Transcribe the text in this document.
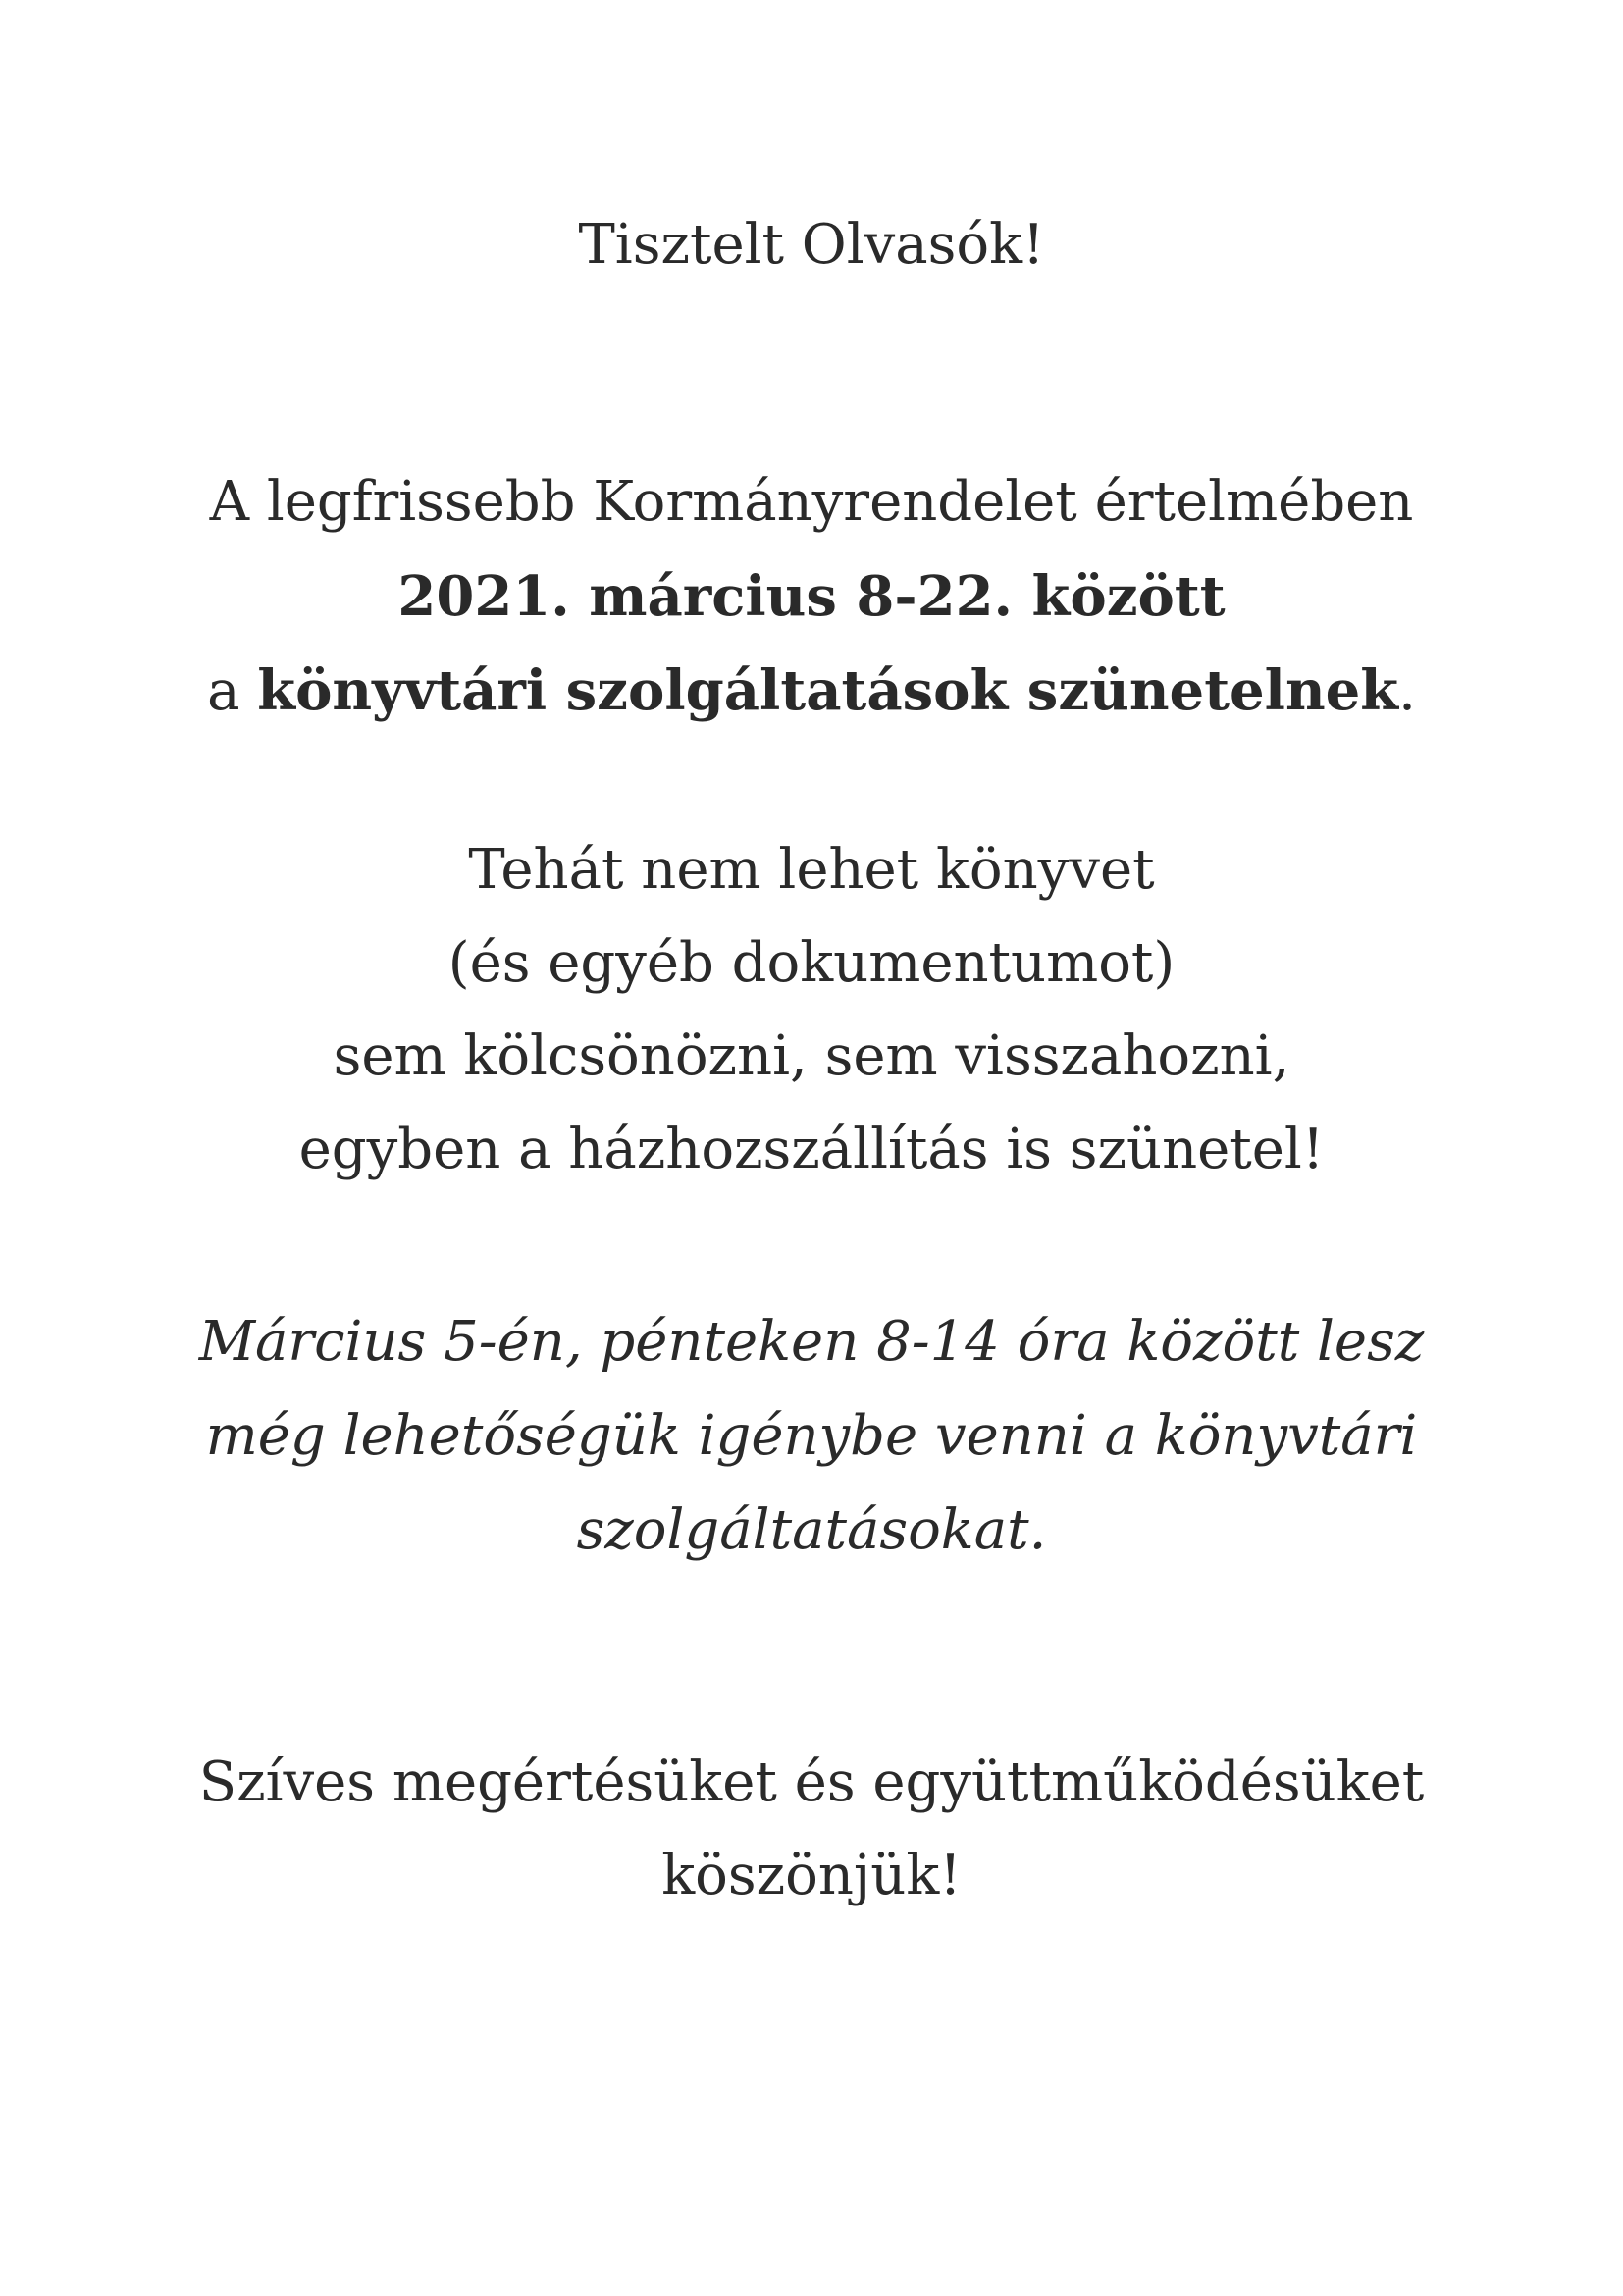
Tisztelt Olvasók!
A legfrissebb Kormányrendelet értelmében
2021. március 8-22. között
a könyvtári szolgáltatások szünetelnek.
Tehát nem lehet könyvet
(és egyéb dokumentumot)
sem kölcsönözni, sem visszahozni,
egyben a házhozszállítás is szünetel!
Március 5-én, pénteken 8-14 óra között lesz
még lehetőségük igénybe venni a könyvtári
szolgáltatásokat.
Szíves megértésüket és együttműködésüket
köszönjük!
